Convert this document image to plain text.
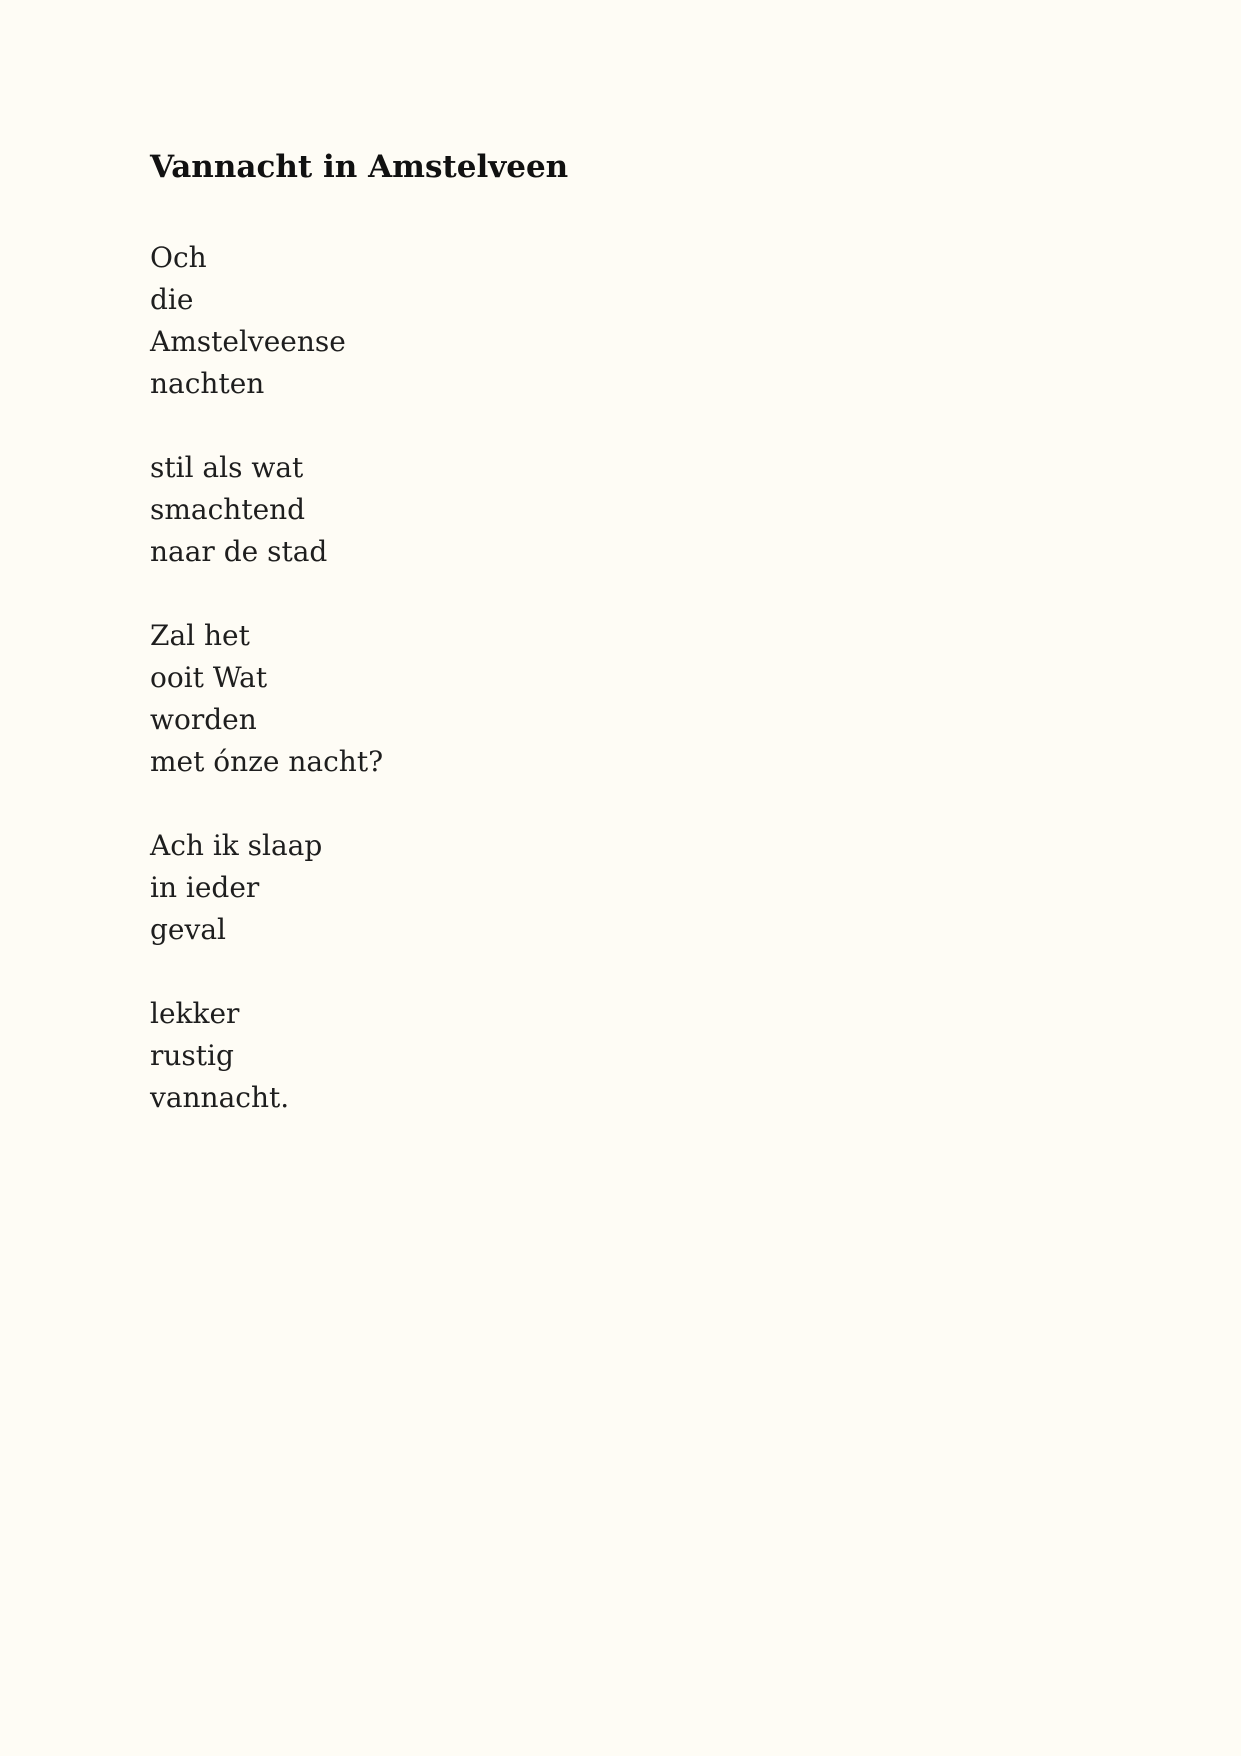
Vannacht in Amstelveen
Och
die
Amstelveense
nachten
stil als wat
smachtend
naar de stad
Zal het
ooit Wat
worden
met ónze nacht?
Ach ik slaap
in ieder
geval
lekker
rustig
vannacht.
